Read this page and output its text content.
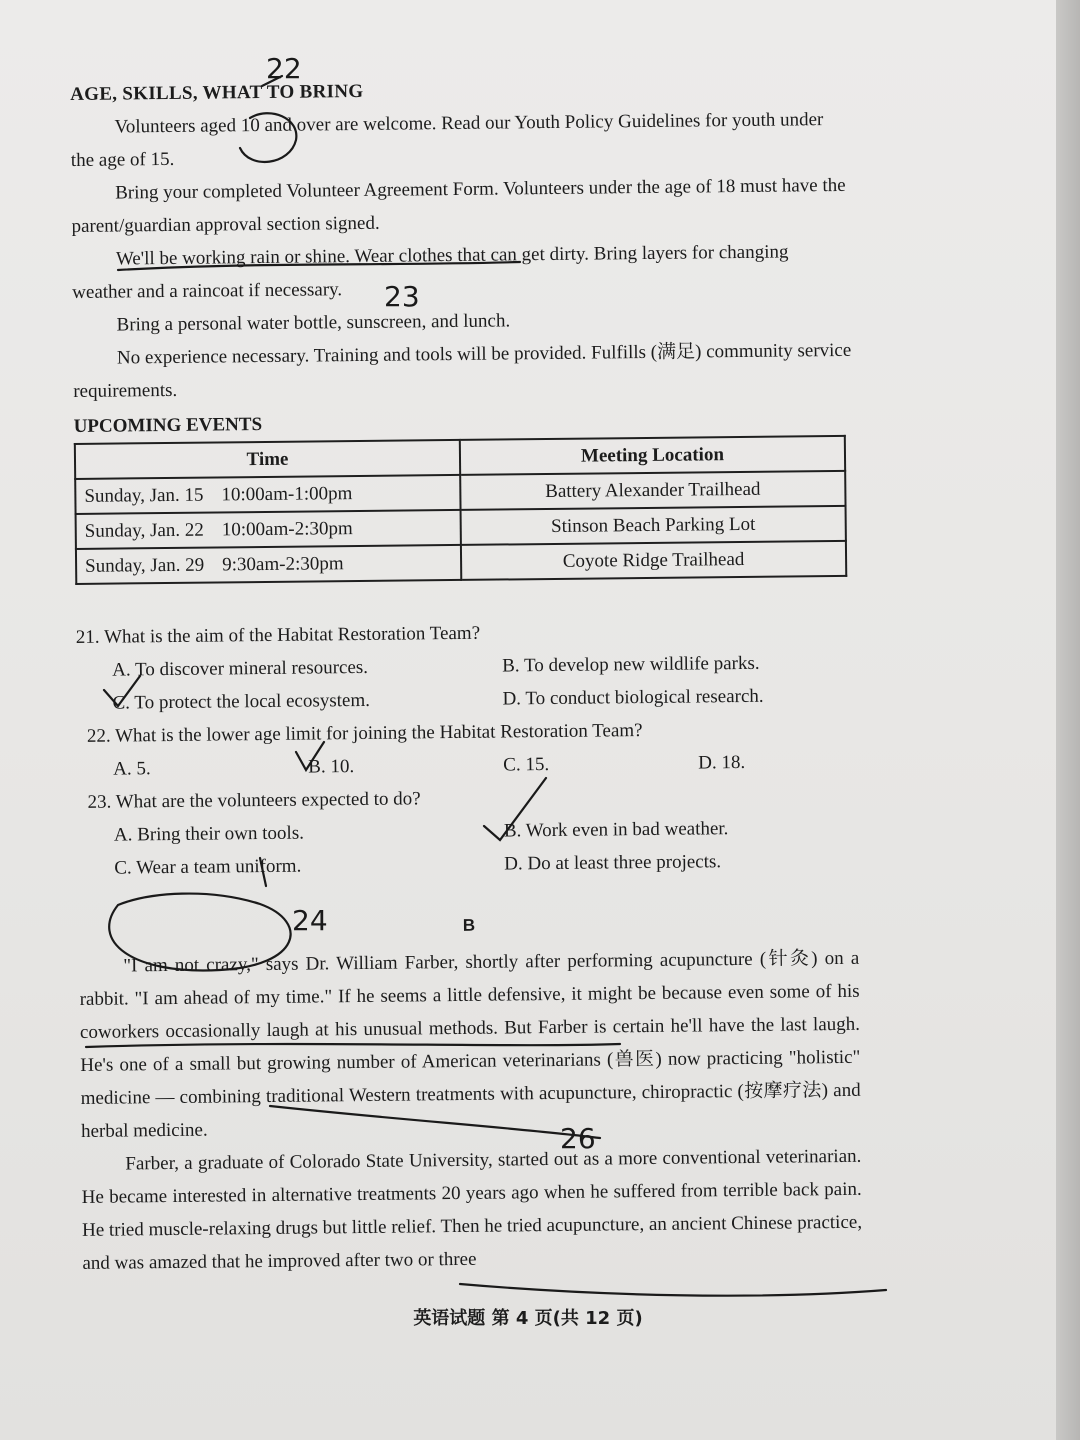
AGE, SKILLS, WHAT TO BRING

Volunteers aged 10 and over are welcome. Read our Youth Policy Guidelines for youth under the age of 15.

Bring your completed Volunteer Agreement Form. Volunteers under the age of 18 must have the parent/guardian approval section signed.

We'll be working rain or shine. Wear clothes that can get dirty. Bring layers for changing weather and a raincoat if necessary.

Bring a personal water bottle, sunscreen, and lunch.

No experience necessary. Training and tools will be provided. Fulfills (满足) community service requirements.

UPCOMING EVENTS
Time	Meeting Location
Sunday, Jan. 15 10:00am-1:00pm	Battery Alexander Trailhead
Sunday, Jan. 22 10:00am-2:30pm	Stinson Beach Parking Lot
Sunday, Jan. 29 9:30am-2:30pm	Coyote Ridge Trailhead

21. What is the aim of the Habitat Restoration Team?

A. To discover mineral resources.	B. To develop new wildlife parks.
C. To protect the local ecosystem.	D. To conduct biological research.

22. What is the lower age limit for joining the Habitat Restoration Team?

A. 5.	B. 10.	C. 15.	D. 18.

23. What are the volunteers expected to do?

A. Bring their own tools.	B. Work even in bad weather.
C. Wear a team uniform.	D. Do at least three projects.
B

"I am not crazy," says Dr. William Farber, shortly after performing acupuncture (针灸) on a rabbit. "I am ahead of my time." If he seems a little defensive, it might be because even some of his coworkers occasionally laugh at his unusual methods. But Farber is certain he'll have the last laugh. He's one of a small but growing number of American veterinarians (兽医) now practicing "holistic" medicine — combining traditional Western treatments with acupuncture, chiropractic (按摩疗法) and herbal medicine.

Farber, a graduate of Colorado State University, started out as a more conventional veterinarian. He became interested in alternative treatments 20 years ago when he suffered from terrible back pain. He tried muscle-relaxing drugs but little relief. Then he tried acupuncture, an ancient Chinese practice, and was amazed that he improved after two or three

英语试题 第 4 页(共 12 页)
22
23
24
26
